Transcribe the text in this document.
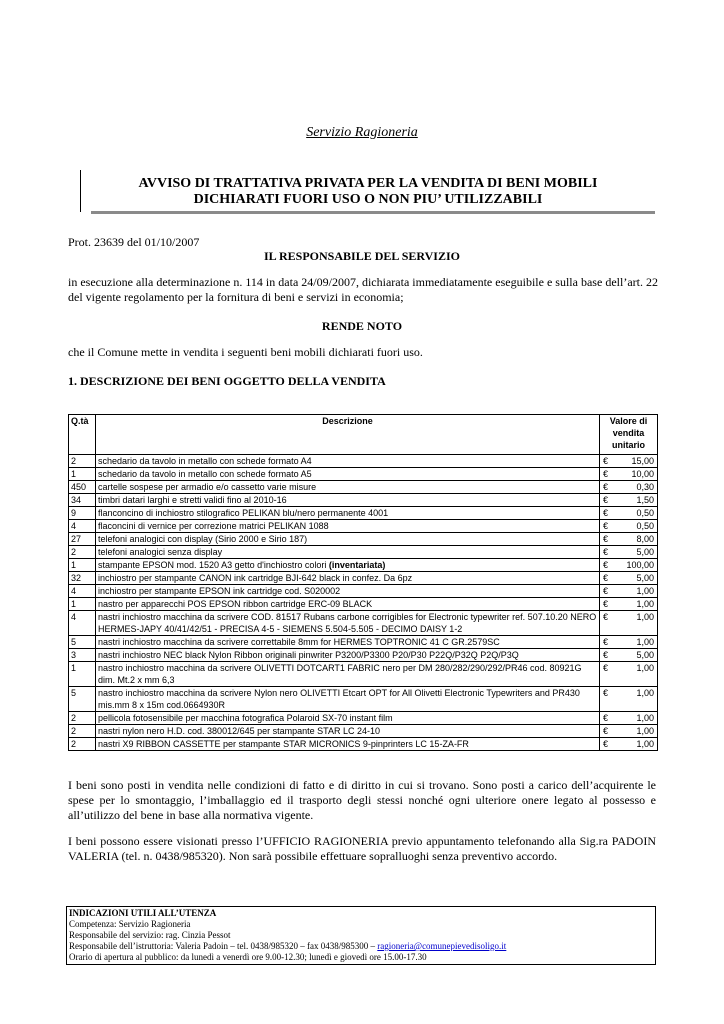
Servizio Ragioneria
AVVISO DI TRATTATIVA PRIVATA PER LA VENDITA DI BENI MOBILI
DICHIARATI FUORI USO O NON PIU’ UTILIZZABILI
Prot. 23639 del 01/10/2007
IL RESPONSABILE DEL SERVIZIO
in esecuzione alla determinazione n. 114 in data 24/09/2007, dichiarata immediatamente eseguibile e sulla base dell’art. 22 del vigente regolamento per la fornitura di beni e servizi in economia;
RENDE NOTO
che il Comune mette in vendita i seguenti beni mobili dichiarati fuori uso.
1. DESCRIZIONE DEI BENI OGGETTO DELLA VENDITA
Q.tà	Descrizione	Valore di
vendita
unitario	
2	schedario da tavolo in metallo con schede formato A4	€	15,00
1	schedario da tavolo in metallo con schede formato A5	€	10,00
450	cartelle sospese per armadio e/o cassetto varie misure	€	0,30
34	timbri datari larghi e stretti validi fino al 2010-16	€	1,50
9	flanconcino di inchiostro stilografico PELIKAN blu/nero permanente 4001	€	0,50
4	flaconcini di vernice per correzione matrici PELIKAN 1088	€	0,50
27	telefoni analogici con display (Sirio 2000 e Sirio 187)	€	8,00
2	telefoni analogici senza display	€	5,00
1	stampante EPSON mod. 1520 A3 getto d'inchiostro colori (inventariata)	€	100,00
32	inchiostro per stampante CANON ink cartridge BJI-642 black in confez. Da 6pz	€	5,00
4	inchiostro per stampante EPSON ink cartridge cod. S020002	€	1,00
1	nastro per apparecchi POS EPSON ribbon cartridge ERC-09 BLACK	€	1,00
4	nastri inchiostro macchina da scrivere COD. 81517 Rubans carbone corrigibles for Electronic typewriter ref. 507.10.20 NERO HERMES-JAPY 40/41/42/51 - PRECISA 4-5 - SIEMENS 5.504-5.505 - DECIMO DAISY 1-2	€	1,00
5	nastri inchiostro macchina da scrivere correttabile 8mm for HERMES TOPTRONIC 41 C GR.2579SC	€	1,00
3	nastri inchiostro NEC black Nylon Ribbon originali pinwriter P3200/P3300 P20/P30 P22Q/P32Q P2Q/P3Q	€	5,00
1	nastro inchiostro macchina da scrivere OLIVETTI DOTCART1 FABRIC nero per DM 280/282/290/292/PR46 cod. 80921G dim. Mt.2 x mm 6,3	€	1,00
5	nastro inchiostro macchina da scrivere Nylon nero OLIVETTI Etcart OPT for All Olivetti Electronic Typewriters and PR430 mis.mm 8 x 15m cod.0664930R	€	1,00
2	pellicola fotosensibile per macchina fotografica Polaroid SX-70 instant film	€	1,00
2	nastri nylon nero H.D. cod. 380012/645 per stampante STAR LC 24-10	€	1,00
2	nastri X9 RIBBON CASSETTE per stampante STAR MICRONICS 9-pinprinters LC 15-ZA-FR	€	1,00
I beni sono posti in vendita nelle condizioni di fatto e di diritto in cui si trovano. Sono posti a carico dell’acquirente le spese per lo smontaggio, l’imballaggio ed il trasporto degli stessi nonché ogni ulteriore onere legato al possesso e all’utilizzo del bene in base alla normativa vigente.
I beni possono essere visionati presso l’UFFICIO RAGIONERIA previo appuntamento telefonando alla Sig.ra PADOIN VALERIA (tel. n. 0438/985320). Non sarà possibile effettuare sopralluoghi senza preventivo accordo.
INDICAZIONI UTILI ALL’UTENZA
Competenza: Servizio Ragioneria
Responsabile del servizio: rag. Cinzia Pessot
Responsabile dell’istruttoria: Valeria Padoin – tel. 0438/985320 – fax 0438/985300 – ragioneria@comunepievedisoligo.it
Orario di apertura al pubblico: da lunedì a venerdì ore 9.00-12.30; lunedì e giovedì ore 15.00-17.30
